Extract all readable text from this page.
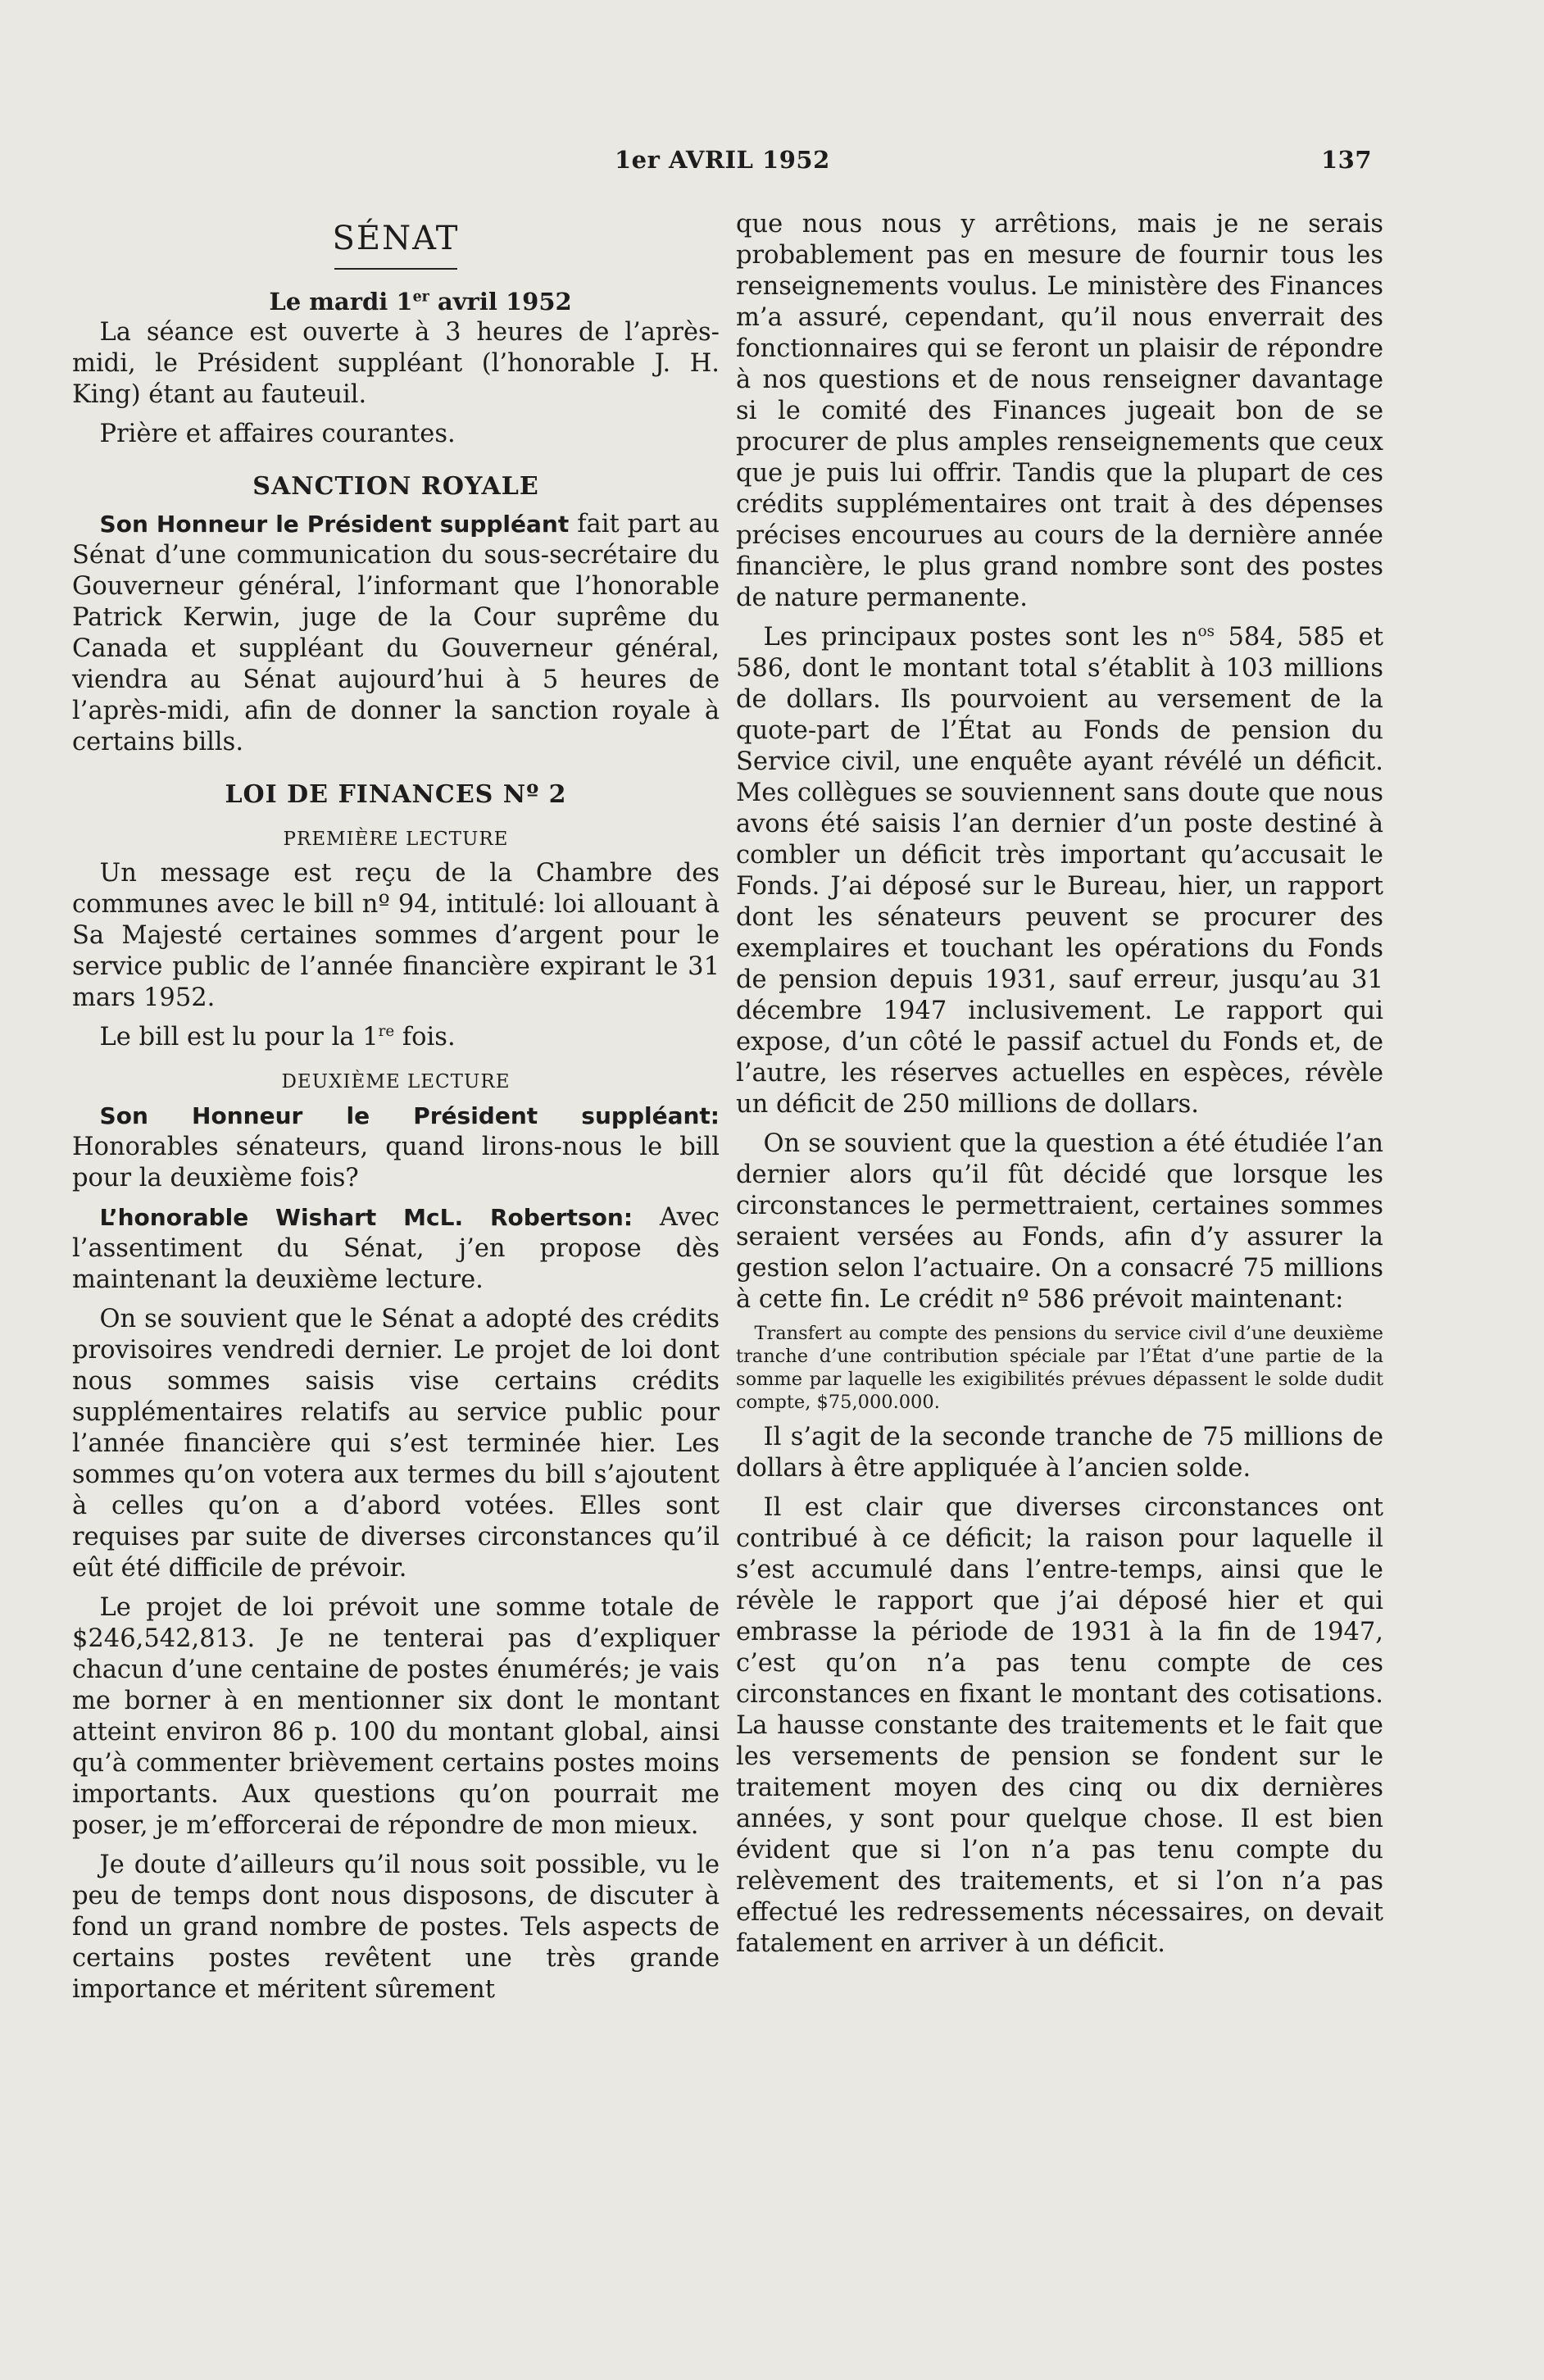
1er AVRIL 1952	137
SÉNAT
Le mardi 1er avril 1952

La séance est ouverte à 3 heures de l’après-midi, le Président suppléant (l’honorable J. H. King) étant au fauteuil.

Prière et affaires courantes.

SANCTION ROYALE

Son Honneur le Président suppléant fait part au Sénat d’une communication du sous-secrétaire du Gouverneur général, l’informant que l’honorable Patrick Kerwin, juge de la Cour suprême du Canada et suppléant du Gouverneur général, viendra au Sénat aujourd’hui à 5 heures de l’après-midi, afin de donner la sanction royale à certains bills.

LOI DE FINANCES Nº 2
PREMIÈRE LECTURE

Un message est reçu de la Chambre des communes avec le bill nº 94, intitulé: loi allouant à Sa Majesté certaines sommes d’argent pour le service public de l’année financière expirant le 31 mars 1952.

Le bill est lu pour la 1re fois.

DEUXIÈME LECTURE

Son Honneur le Président suppléant: Honorables sénateurs, quand lirons-nous le bill pour la deuxième fois?

L’honorable Wishart McL. Robertson: Avec l’assentiment du Sénat, j’en propose dès maintenant la deuxième lecture.

On se souvient que le Sénat a adopté des crédits provisoires vendredi dernier. Le projet de loi dont nous sommes saisis vise certains crédits supplémentaires relatifs au service public pour l’année financière qui s’est terminée hier. Les sommes qu’on votera aux termes du bill s’ajoutent à celles qu’on a d’abord votées. Elles sont requises par suite de diverses circonstances qu’il eût été difficile de prévoir.

Le projet de loi prévoit une somme totale de $246,542,813. Je ne tenterai pas d’expliquer chacun d’une centaine de postes énumérés; je vais me borner à en mentionner six dont le montant atteint environ 86 p. 100 du montant global, ainsi qu’à commenter brièvement certains postes moins importants. Aux questions qu’on pourrait me poser, je m’efforcerai de répondre de mon mieux.

Je doute d’ailleurs qu’il nous soit possible, vu le peu de temps dont nous disposons, de discuter à fond un grand nombre de postes. Tels aspects de certains postes revêtent une très grande importance et méritent sûrement

que nous nous y arrêtions, mais je ne serais probablement pas en mesure de fournir tous les renseignements voulus. Le ministère des Finances m’a assuré, cependant, qu’il nous enverrait des fonctionnaires qui se feront un plaisir de répondre à nos questions et de nous renseigner davantage si le comité des Finances jugeait bon de se procurer de plus amples renseignements que ceux que je puis lui offrir. Tandis que la plupart de ces crédits supplémentaires ont trait à des dépenses précises encourues au cours de la dernière année financière, le plus grand nombre sont des postes de nature permanente.

Les principaux postes sont les $n^{os}$ 584, 585 et 586, dont le montant total s’établit à 103 millions de dollars. Ils pourvoient au versement de la quote-part de l’État au Fonds de pension du Service civil, une enquête ayant révélé un déficit. Mes collègues se souviennent sans doute que nous avons été saisis l’an dernier d’un poste destiné à combler un déficit très important qu’accusait le Fonds. J’ai déposé sur le Bureau, hier, un rapport dont les sénateurs peuvent se procurer des exemplaires et touchant les opérations du Fonds de pension depuis 1931, sauf erreur, jusqu’au 31 décembre 1947 inclusivement. Le rapport qui expose, d’un côté le passif actuel du Fonds et, de l’autre, les réserves actuelles en espèces, révèle un déficit de 250 millions de dollars.

On se souvient que la question a été étudiée l’an dernier alors qu’il fût décidé que lorsque les circonstances le permettraient, certaines sommes seraient versées au Fonds, afin d’y assurer la gestion selon l’actuaire. On a consacré 75 millions à cette fin. Le crédit nº 586 prévoit maintenant:

Transfert au compte des pensions du service civil d’une deuxième tranche d’une contribution spéciale par l’État d’une partie de la somme par laquelle les exigibilités prévues dépassent le solde dudit compte, $75,000.000.

Il s’agit de la seconde tranche de 75 millions de dollars à être appliquée à l’ancien solde.

Il est clair que diverses circonstances ont contribué à ce déficit; la raison pour laquelle il s’est accumulé dans l’entre-temps, ainsi que le révèle le rapport que j’ai déposé hier et qui embrasse la période de 1931 à la fin de 1947, c’est qu’on n’a pas tenu compte de ces circonstances en fixant le montant des cotisations. La hausse constante des traitements et le fait que les versements de pension se fondent sur le traitement moyen des cinq ou dix dernières années, y sont pour quelque chose. Il est bien évident que si l’on n’a pas tenu compte du relèvement des traitements, et si l’on n’a pas effectué les redressements nécessaires, on devait fatalement en arriver à un déficit.
